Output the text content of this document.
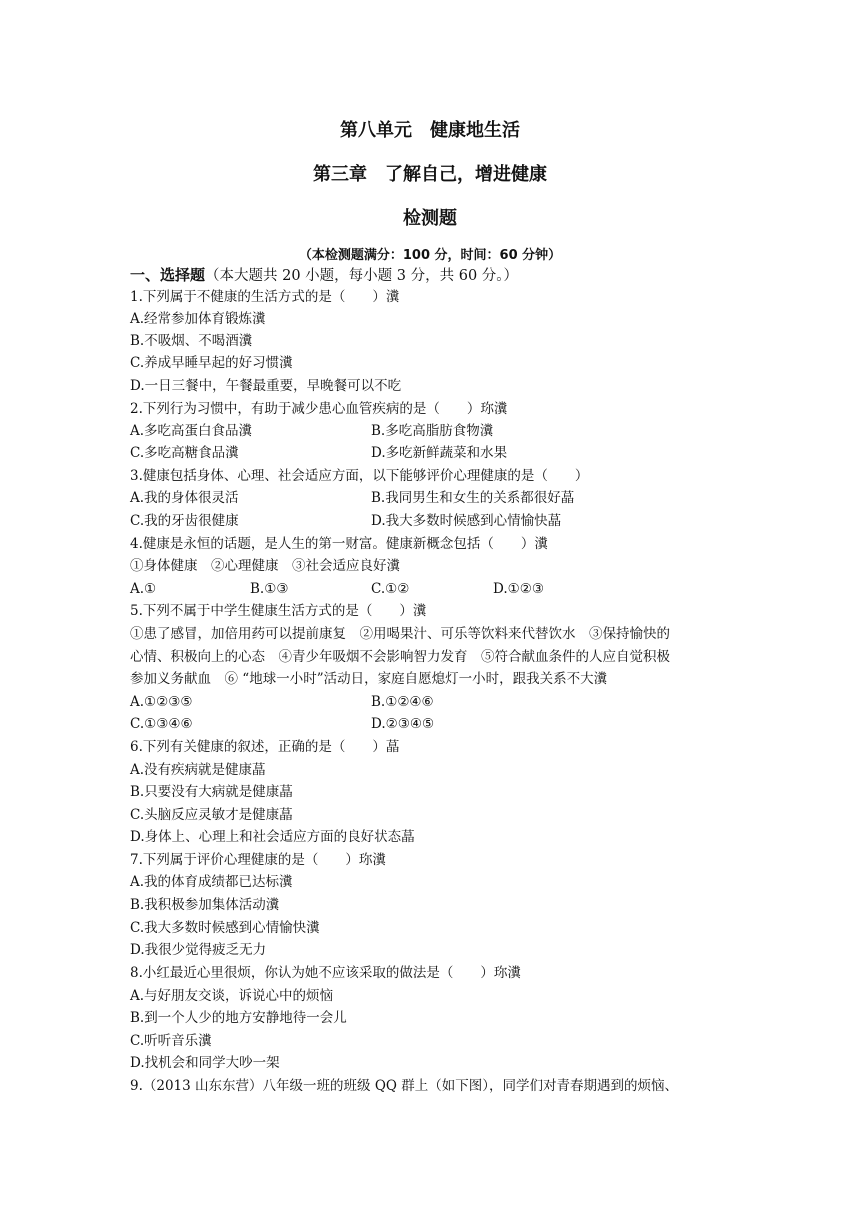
第八单元　健康地生活
第三章　了解自己，增进健康
检测题
（本检测题满分：100 分，时间：60 分钟）
一、选择题（本大题共 20 小题，每小题 3 分，共 60 分。）
1.下列属于不健康的生活方式的是（　　）瀵
A.经常参加体育锻炼瀵
B.不吸烟、不喝酒瀵
C.养成早睡早起的好习惯瀵
D.一日三餐中，午餐最重要，早晚餐可以不吃
2.下列行为习惯中，有助于减少患心血管疾病的是（　　）珎瀵
A.多吃高蛋白食品瀵	B.多吃高脂肪食物瀵
C.多吃高糖食品瀵	D.多吃新鲜蔬菜和水果
3.健康包括身体、心理、社会适应方面，以下能够评价心理健康的是（　　）
A.我的身体很灵活	B.我同男生和女生的关系都很好蕌
C.我的牙齿很健康	D.我大多数时候感到心情愉快蕌
4.健康是永恒的话题，是人生的第一财富。健康新概念包括（　　）瀵
①身体健康　②心理健康　③社会适应良好瀵
A.①	B.①③	C.①②	D.①②③
5.下列不属于中学生健康生活方式的是（　　）瀵
①患了感冒，加倍用药可以提前康复　②用喝果汁、可乐等饮料来代替饮水　③保持愉快的
心情、积极向上的心态　④青少年吸烟不会影响智力发育　⑤符合献血条件的人应自觉积极
参加义务献血　⑥ “地球一小时”活动日，家庭自愿熄灯一小时，跟我关系不大瀵
A.①②③⑤	B.①②④⑥
C.①③④⑥	D.②③④⑤
6.下列有关健康的叙述，正确的是（　　）蕌
A.没有疾病就是健康蕌
B.只要没有大病就是健康蕌
C.头脑反应灵敏才是健康蕌
D.身体上、心理上和社会适应方面的良好状态蕌
7.下列属于评价心理健康的是（　　）珎瀵
A.我的体育成绩都已达标瀵
B.我积极参加集体活动瀵
C.我大多数时候感到心情愉快瀵
D.我很少觉得疲乏无力
8.小红最近心里很烦，你认为她不应该采取的做法是（　　）珎瀵
A.与好朋友交谈，诉说心中的烦恼
B.到一个人少的地方安静地待一会儿
C.听听音乐瀵
D.找机会和同学大吵一架
9.（2013 山东东营）八年级一班的班级 QQ 群上（如下图），同学们对青春期遇到的烦恼、
